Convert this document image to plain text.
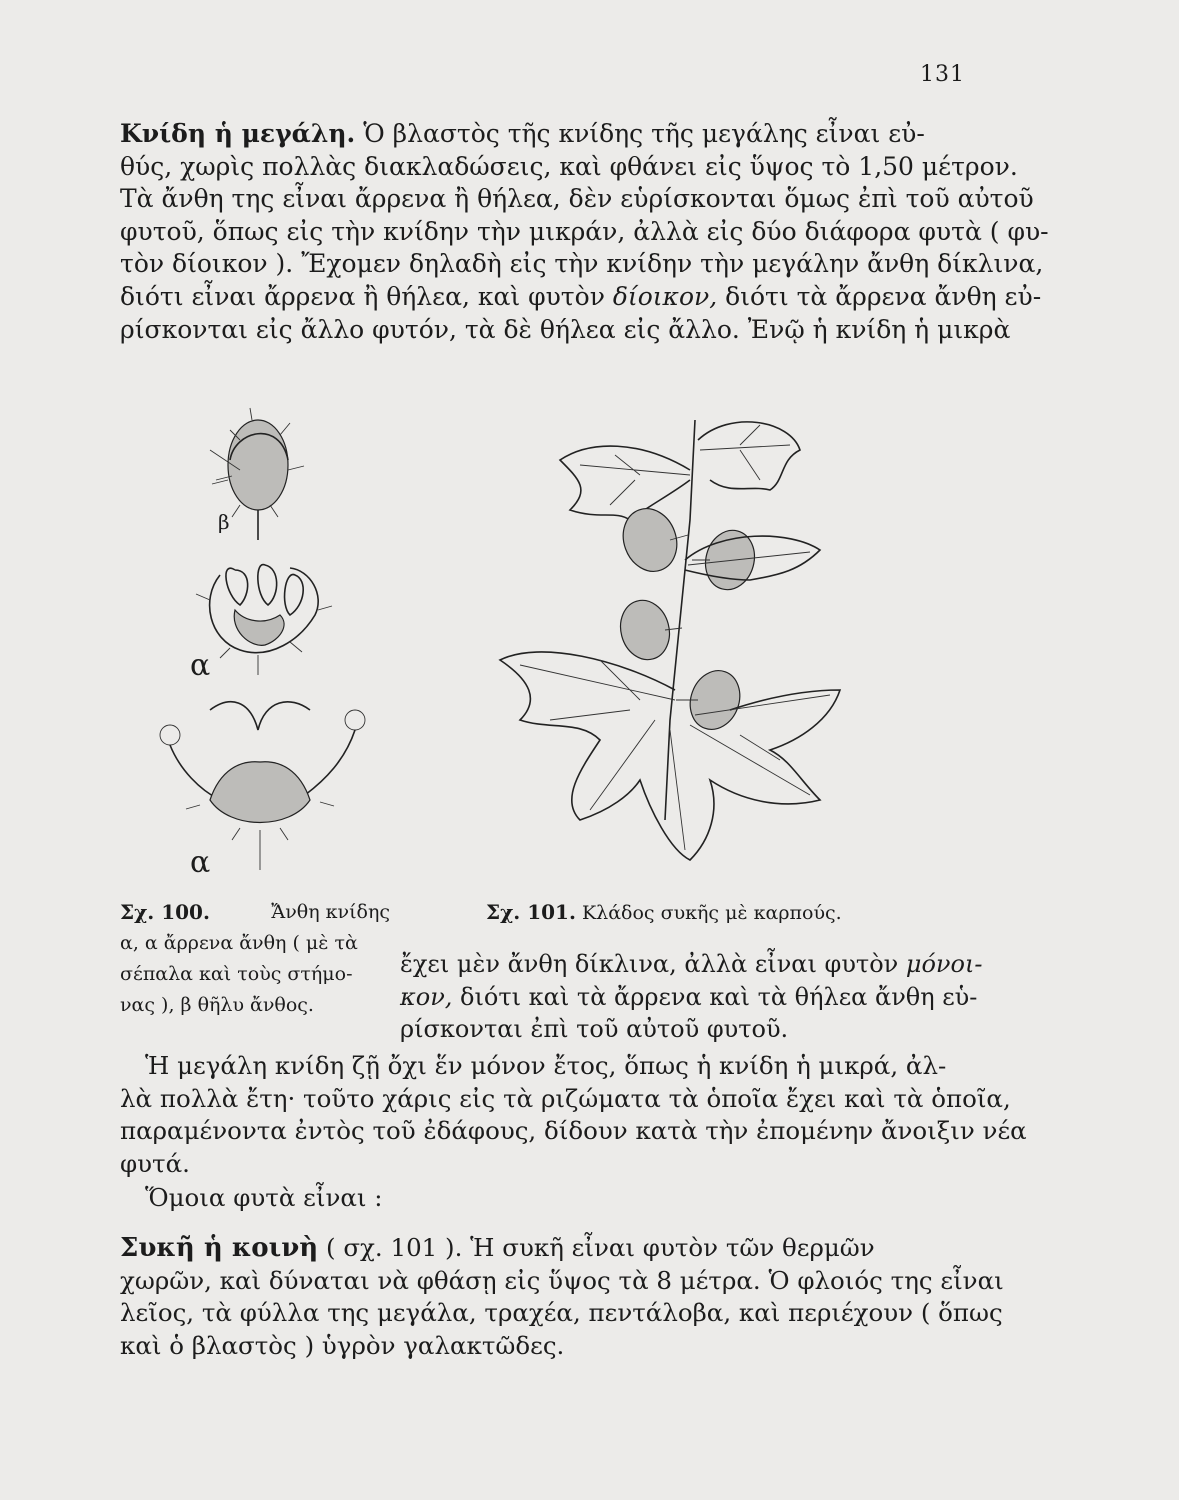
131
Κνίδη ἡ μεγάλη. Ὁ βλαστὸς τῆς κνίδης τῆς μεγάλης εἶναι εὐ-
θύς, χωρὶς πολλὰς διακλαδώσεις, καὶ φθάνει εἰς ὕψος τὸ 1,50 μέτρον.
Τὰ ἄνθη της εἶναι ἄρρενα ἢ θήλεα, δὲν εὑρίσκονται ὅμως ἐπὶ τοῦ αὐτοῦ
φυτοῦ, ὅπως εἰς τὴν κνίδην τὴν μικράν, ἀλλὰ εἰς δύο διάφορα φυτὰ ( φυ-
τὸν δίοικον ). Ἔχομεν δηλαδὴ εἰς τὴν κνίδην τὴν μεγάλην ἄνθη δίκλινα,
διότι εἶναι ἄρρενα ἢ θήλεα, καὶ φυτὸν δίοικον, διότι τὰ ἄρρενα ἄνθη εὐ-
ρίσκονται εἰς ἄλλο φυτόν, τὰ δὲ θήλεα εἰς ἄλλο. Ἐνῷ ἡ κνίδη ἡ μικρὰ
β
α
α
Σχ. 100.	Ἄνθη κνίδης
α, α ἄρρενα ἄνθη ( μὲ τὰ
σέπαλα καὶ τοὺς στήμο-
νας ), β θῆλυ ἄνθος.
Σχ. 101. Κλάδος συκῆς μὲ καρπούς.
ἔχει μὲν ἄνθη δίκλινα, ἀλλὰ εἶναι φυτὸν μόνοι-
κον, διότι καὶ τὰ ἄρρενα καὶ τὰ θήλεα ἄνθη εὑ-
ρίσκονται ἐπὶ τοῦ αὐτοῦ φυτοῦ.
Ἡ μεγάλη κνίδη ζῇ ὄχι ἕν μόνον ἔτος, ὅπως ἡ κνίδη ἡ μικρά, ἀλ-
λὰ πολλὰ ἔτη· τοῦτο χάρις εἰς τὰ ριζώματα τὰ ὁποῖα ἔχει καὶ τὰ ὁποῖα,
παραμένοντα ἐντὸς τοῦ ἐδάφους, δίδουν κατὰ τὴν ἐπομένην ἄνοιξιν νέα
φυτά.
Ὅμοια φυτὰ εἶναι :
Συκῆ ἡ κοινὴ ( σχ. 101 ). Ἡ συκῆ εἶναι φυτὸν τῶν θερμῶν
χωρῶν, καὶ δύναται νὰ φθάσῃ εἰς ὕψος τὰ 8 μέτρα. Ὁ φλοιός της εἶναι
λεῖος, τὰ φύλλα της μεγάλα, τραχέα, πεντάλοβα, καὶ περιέχουν ( ὅπως
καὶ ὁ βλαστὸς ) ὑγρὸν γαλακτῶδες.
